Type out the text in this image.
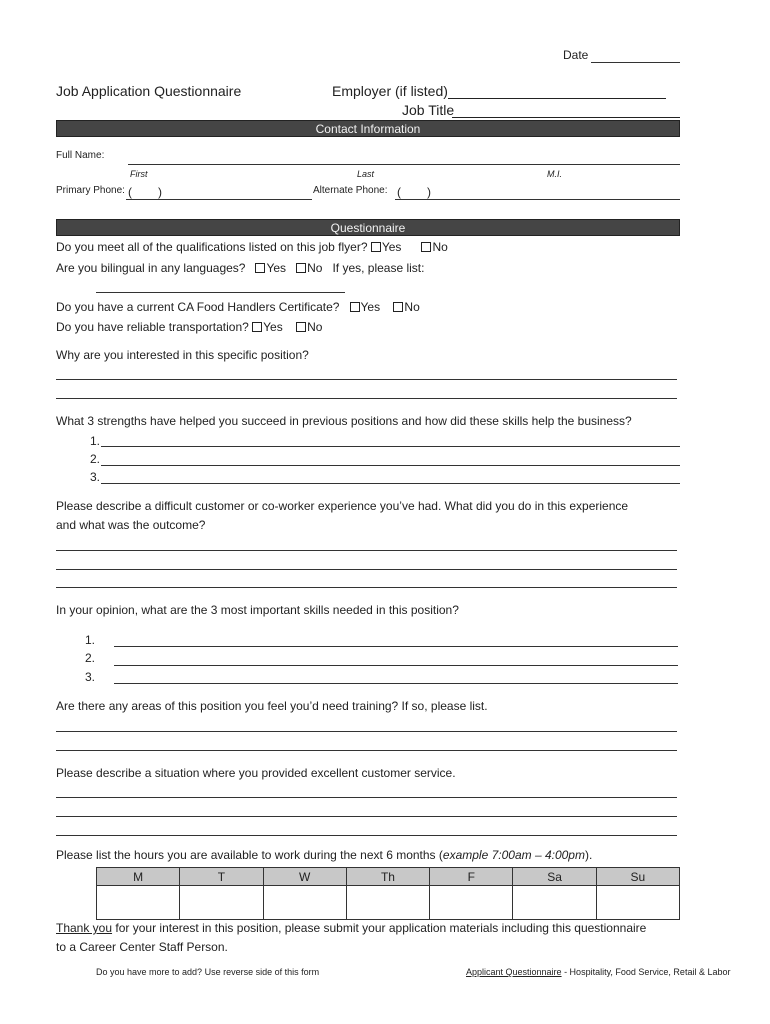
Date
Job Application Questionnaire	Employer (if listed)
Job Title
Contact Information
Full Name:
First	Last	M.I.
Primary Phone: ( )	Alternate Phone: ( )
Questionnaire
Do you meet all of the qualifications listed on this job flyer? Yes	No
Are you bilingual in any languages? Yes No If yes, please list:
Do you have a current CA Food Handlers Certificate? Yes No
Do you have reliable transportation? Yes No
Why are you interested in this specific position?
What 3 strengths have helped you succeed in previous positions and how did these skills help the business?
1.
2.
3.
Please describe a difficult customer or co-worker experience you’ve had. What did you do in this experience
and what was the outcome?
In your opinion, what are the 3 most important skills needed in this position?
1.
2.
3.
Are there any areas of this position you feel you’d need training? If so, please list.
Please describe a situation where you provided excellent customer service.
Please list the hours you are available to work during the next 6 months (example 7:00am – 4:00pm).
M	T	W	Th	F	Sa	Su

Thank you for your interest in this position, please submit your application materials including this questionnaire
to a Career Center Staff Person.
Do you have more to add? Use reverse side of this form	Applicant Questionnaire - Hospitality, Food Service, Retail & Labor
